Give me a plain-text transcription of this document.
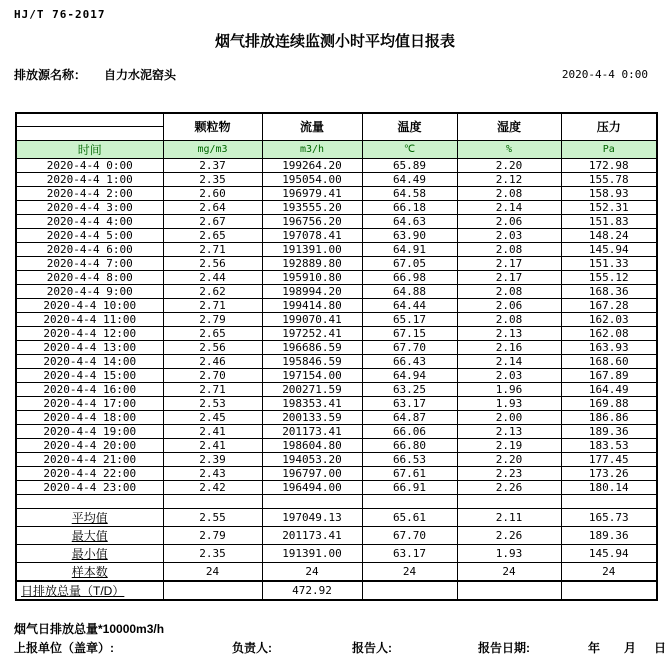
HJ/T 76-2017
烟气排放连续监测小时平均值日报表
排放源名称： 自力水泥窑头	2020-4-4 0:00
	颗粒物	流量	温度	湿度	压力

时间	mg/m3	m3/h	℃	%	Pa
2020-4-4 0:00	2.37	199264.20	65.89	2.20	172.98
2020-4-4 1:00	2.35	195054.00	64.49	2.12	155.78
2020-4-4 2:00	2.60	196979.41	64.58	2.08	158.93
2020-4-4 3:00	2.64	193555.20	66.18	2.14	152.31
2020-4-4 4:00	2.67	196756.20	64.63	2.06	151.83
2020-4-4 5:00	2.65	197078.41	63.90	2.03	148.24
2020-4-4 6:00	2.71	191391.00	64.91	2.08	145.94
2020-4-4 7:00	2.56	192889.80	67.05	2.17	151.33
2020-4-4 8:00	2.44	195910.80	66.98	2.17	155.12
2020-4-4 9:00	2.62	198994.20	64.88	2.08	168.36
2020-4-4 10:00	2.71	199414.80	64.44	2.06	167.28
2020-4-4 11:00	2.79	199070.41	65.17	2.08	162.03
2020-4-4 12:00	2.65	197252.41	67.15	2.13	162.08
2020-4-4 13:00	2.56	196686.59	67.70	2.16	163.93
2020-4-4 14:00	2.46	195846.59	66.43	2.14	168.60
2020-4-4 15:00	2.70	197154.00	64.94	2.03	167.89
2020-4-4 16:00	2.71	200271.59	63.25	1.96	164.49
2020-4-4 17:00	2.53	198353.41	63.17	1.93	169.88
2020-4-4 18:00	2.45	200133.59	64.87	2.00	186.86
2020-4-4 19:00	2.41	201173.41	66.06	2.13	189.36
2020-4-4 20:00	2.41	198604.80	66.80	2.19	183.53
2020-4-4 21:00	2.39	194053.20	66.53	2.20	177.45
2020-4-4 22:00	2.43	196797.00	67.61	2.23	173.26
2020-4-4 23:00	2.42	196494.00	66.91	2.26	180.14

平均值	2.55	197049.13	65.61	2.11	165.73
最大值	2.79	201173.41	67.70	2.26	189.36
最小值	2.35	191391.00	63.17	1.93	145.94
样本数	24	24	24	24	24
日排放总量（T/D）		472.92			
烟气日排放总量*10000m3/h
上报单位（盖章）:	负责人:	报告人:	报告日期:	年 月 日
